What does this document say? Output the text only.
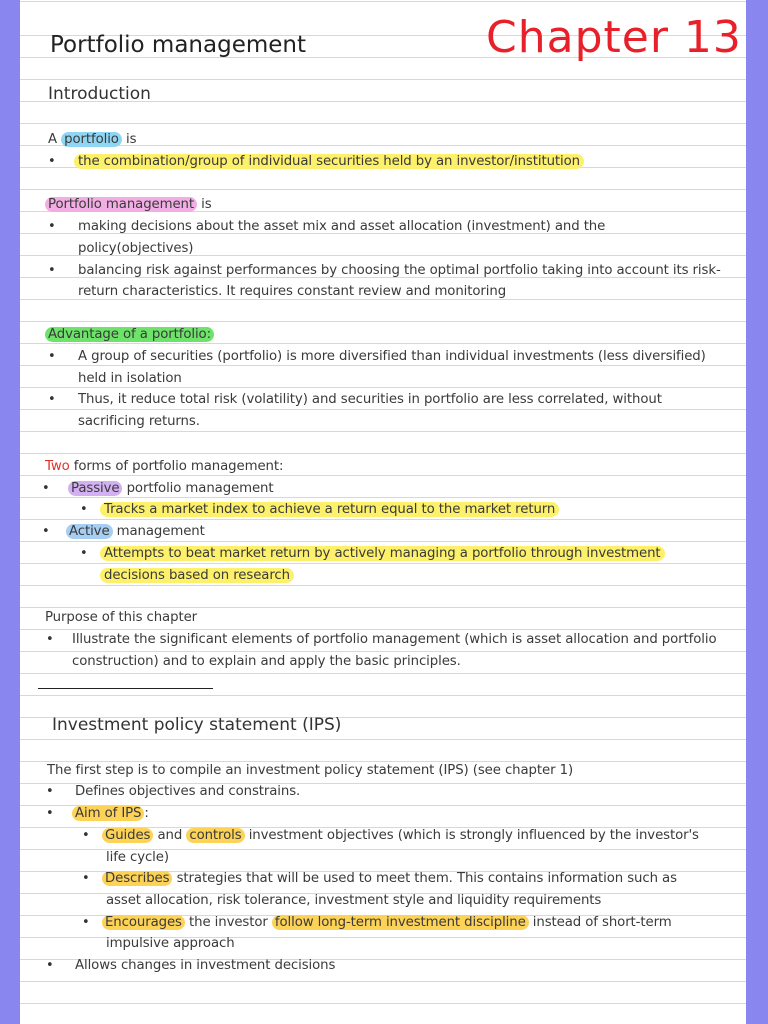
Portfolio management	Chapter 13
Introduction
A portfolio is
•	the combination/group of individual securities held by an investor/institution
Portfolio management is
• making decisions about the asset mix and asset allocation (investment) and the
policy(objectives)
• balancing risk against performances by choosing the optimal portfolio taking into account its risk-
return characteristics. It requires constant review and monitoring
Advantage of a portfolio:
• A group of securities (portfolio) is more diversified than individual investments (less diversified)
held in isolation
• Thus, it reduce total risk (volatility) and securities in portfolio are less correlated, without
sacrificing returns.
Two forms of portfolio management:
• Passive portfolio management
•	Tracks a market index to achieve a return equal to the market return
• Active management
•	Attempts to beat market return by actively managing a portfolio through investment
decisions based on research
Purpose of this chapter
• Illustrate the significant elements of portfolio management (which is asset allocation and portfolio
construction) and to explain and apply the basic principles.
Investment policy statement (IPS)
The first step is to compile an investment policy statement (IPS) (see chapter 1)
• Defines objectives and constrains.
• Aim of IPS :
• Guides and controls investment objectives (which is strongly influenced by the investor's
life cycle)
• Describes strategies that will be used to meet them. This contains information such as
asset allocation, risk tolerance, investment style and liquidity requirements
• Encourages the investor follow long-term investment discipline instead of short-term
impulsive approach
• Allows changes in investment decisions
